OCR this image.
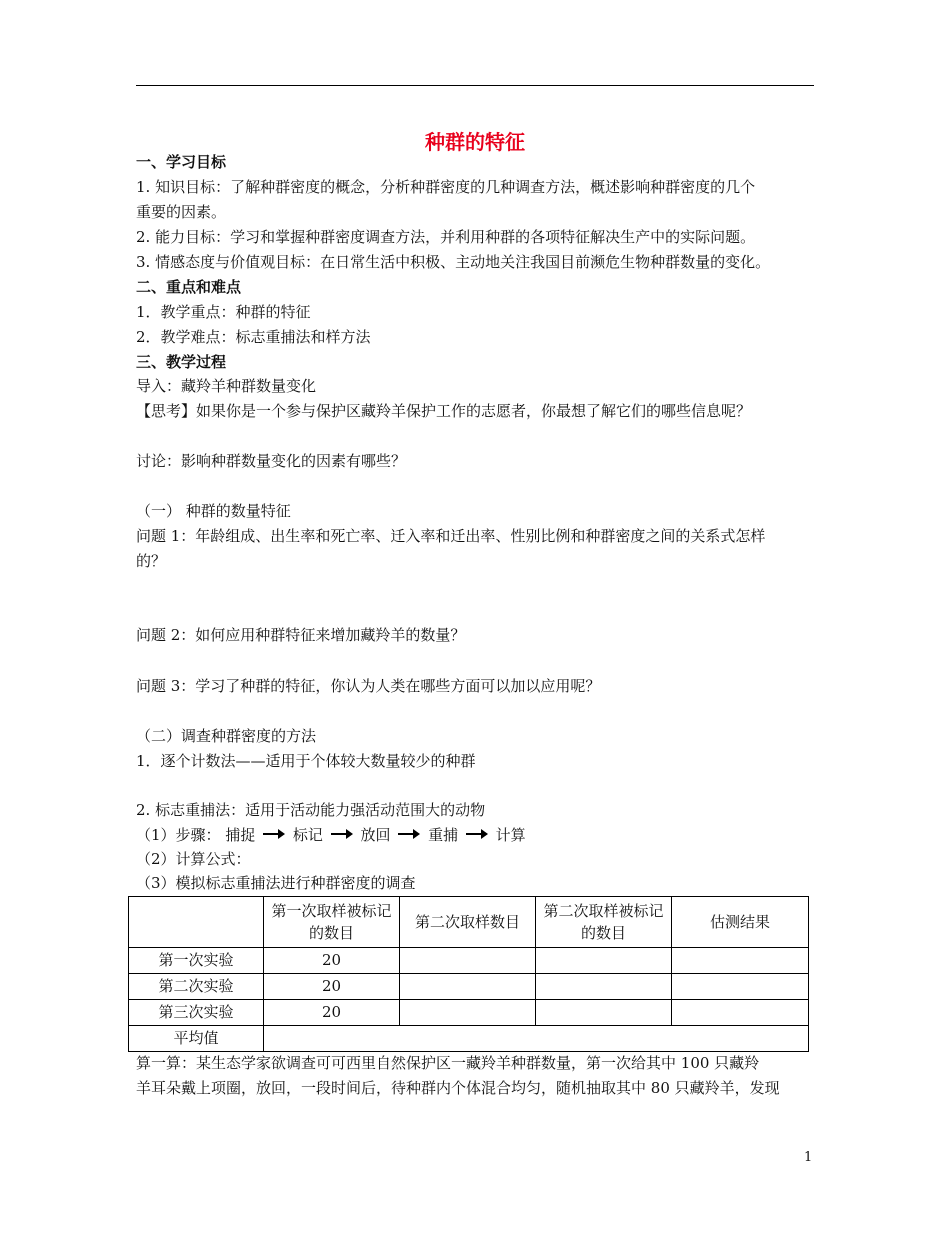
种群的特征
一、学习目标
1. 知识目标：了解种群密度的概念，分析种群密度的几种调查方法，概述影响种群密度的几个
重要的因素。
2. 能力目标：学习和掌握种群密度调查方法，并利用种群的各项特征解决生产中的实际问题。
3. 情感态度与价值观目标：在日常生活中积极、主动地关注我国目前濒危生物种群数量的变化。
二、重点和难点
1．教学重点：种群的特征
2．教学难点：标志重捕法和样方法
三、教学过程
导入：藏羚羊种群数量变化
【思考】如果你是一个参与保护区藏羚羊保护工作的志愿者，你最想了解它们的哪些信息呢？
讨论：影响种群数量变化的因素有哪些？
（一） 种群的数量特征
问题 1：年龄组成、出生率和死亡率、迁入率和迁出率、性别比例和种群密度之间的关系式怎样
的？
问题 2：如何应用种群特征来增加藏羚羊的数量？
问题 3：学习了种群的特征，你认为人类在哪些方面可以加以应用呢？
（二）调查种群密度的方法
1．逐个计数法——适用于个体较大数量较少的种群
2. 标志重捕法：适用于活动能力强活动范围大的动物
（1）步骤： 捕捉	标记	放回	重捕	计算
（2）计算公式：
（3）模拟标志重捕法进行种群密度的调查
	第一次取样被标记的数目	第二次取样数目	第二次取样被标记的数目	估测结果
第一次实验	20			
第二次实验	20			
第三次实验	20			
平均值				
算一算：某生态学家欲调查可可西里自然保护区一藏羚羊种群数量，第一次给其中 100 只藏羚
羊耳朵戴上项圈，放回，一段时间后，待种群内个体混合均匀，随机抽取其中 80 只藏羚羊，发现
1
